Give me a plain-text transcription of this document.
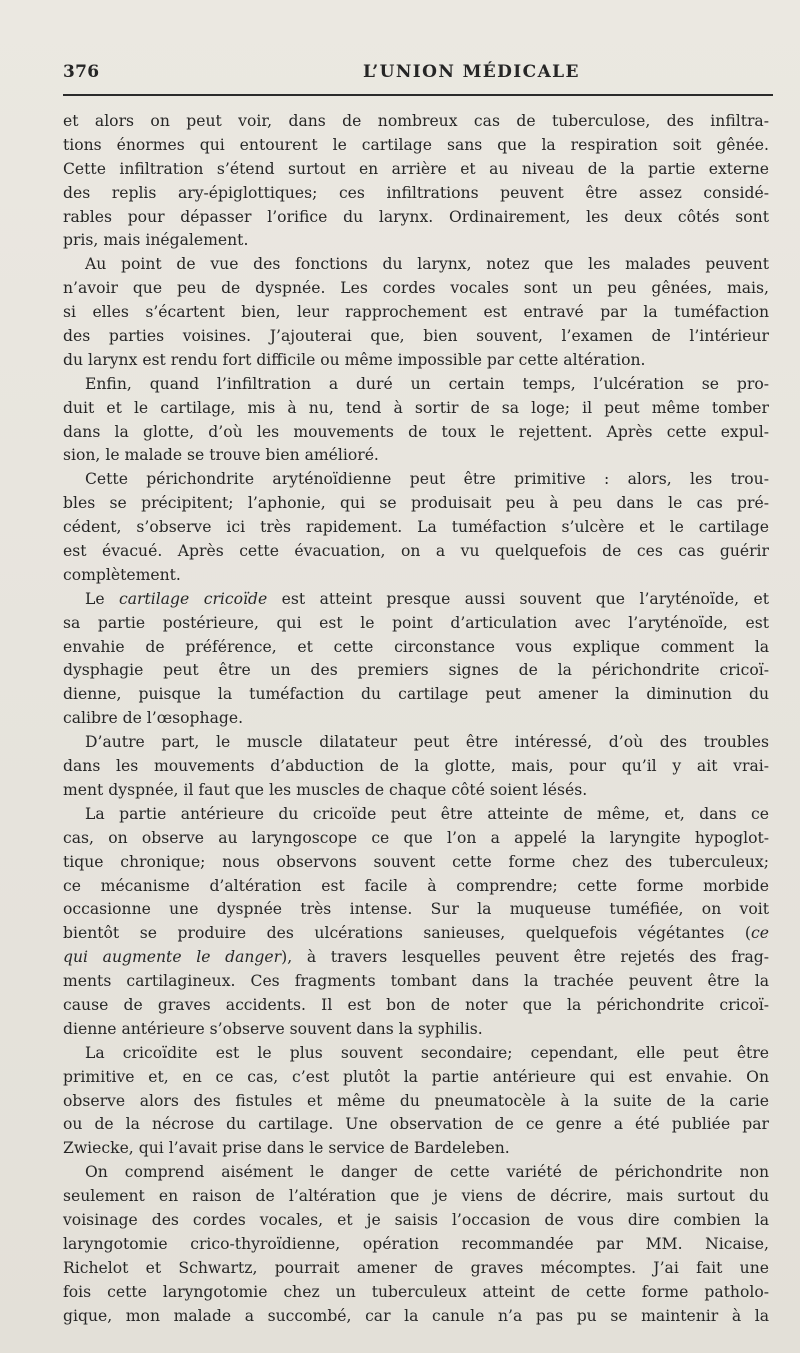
376	L’UNION MÉDICALE
et alors on peut voir, dans de nombreux cas de tuberculose, des infiltra-
tions énormes qui entourent le cartilage sans que la respiration soit gênée.
Cette infiltration s’étend surtout en arrière et au niveau de la partie externe
des replis ary-épiglottiques; ces infiltrations peuvent être assez considé-
rables pour dépasser l’orifice du larynx. Ordinairement, les deux côtés sont
pris, mais inégalement.
Au point de vue des fonctions du larynx, notez que les malades peuvent
n’avoir que peu de dyspnée. Les cordes vocales sont un peu gênées, mais,
si elles s’écartent bien, leur rapprochement est entravé par la tuméfaction
des parties voisines. J’ajouterai que, bien souvent, l’examen de l’intérieur
du larynx est rendu fort difficile ou même impossible par cette altération.
Enfin, quand l’infiltration a duré un certain temps, l’ulcération se pro-
duit et le cartilage, mis à nu, tend à sortir de sa loge; il peut même tomber
dans la glotte, d’où les mouvements de toux le rejettent. Après cette expul-
sion, le malade se trouve bien amélioré.
Cette périchondrite aryténoïdienne peut être primitive : alors, les trou-
bles se précipitent; l’aphonie, qui se produisait peu à peu dans le cas pré-
cédent, s’observe ici très rapidement. La tuméfaction s’ulcère et le cartilage
est évacué. Après cette évacuation, on a vu quelquefois de ces cas guérir
complètement.
Le cartilage cricoïde est atteint presque aussi souvent que l’aryténoïde, et
sa partie postérieure, qui est le point d’articulation avec l’aryténoïde, est
envahie de préférence, et cette circonstance vous explique comment la
dysphagie peut être un des premiers signes de la périchondrite cricoï-
dienne, puisque la tuméfaction du cartilage peut amener la diminution du
calibre de l’œsophage.
D’autre part, le muscle dilatateur peut être intéressé, d’où des troubles
dans les mouvements d’abduction de la glotte, mais, pour qu’il y ait vrai-
ment dyspnée, il faut que les muscles de chaque côté soient lésés.
La partie antérieure du cricoïde peut être atteinte de même, et, dans ce
cas, on observe au laryngoscope ce que l’on a appelé la laryngite hypoglot-
tique chronique; nous observons souvent cette forme chez des tuberculeux;
ce mécanisme d’altération est facile à comprendre; cette forme morbide
occasionne une dyspnée très intense. Sur la muqueuse tuméfiée, on voit
bientôt se produire des ulcérations sanieuses, quelquefois végétantes (ce
qui augmente le danger), à travers lesquelles peuvent être rejetés des frag-
ments cartilagineux. Ces fragments tombant dans la trachée peuvent être la
cause de graves accidents. Il est bon de noter que la périchondrite cricoï-
dienne antérieure s’observe souvent dans la syphilis.
La cricoïdite est le plus souvent secondaire; cependant, elle peut être
primitive et, en ce cas, c’est plutôt la partie antérieure qui est envahie. On
observe alors des fistules et même du pneumatocèle à la suite de la carie
ou de la nécrose du cartilage. Une observation de ce genre a été publiée par
Zwiecke, qui l’avait prise dans le service de Bardeleben.
On comprend aisément le danger de cette variété de périchondrite non
seulement en raison de l’altération que je viens de décrire, mais surtout du
voisinage des cordes vocales, et je saisis l’occasion de vous dire combien la
laryngotomie crico-thyroïdienne, opération recommandée par MM. Nicaise,
Richelot et Schwartz, pourrait amener de graves mécomptes. J’ai fait une
fois cette laryngotomie chez un tuberculeux atteint de cette forme patholo-
gique, mon malade a succombé, car la canule n’a pas pu se maintenir à la
